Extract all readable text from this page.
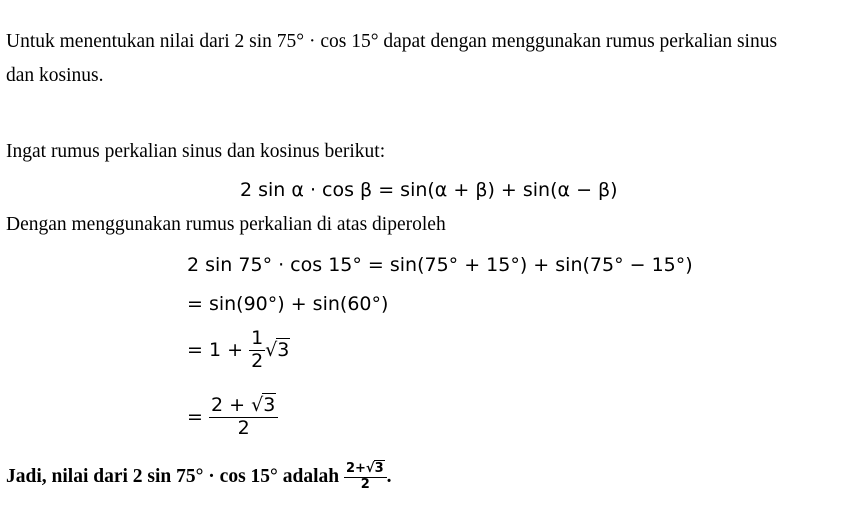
Untuk menentukan nilai dari 2 sin 75° · cos 15° dapat dengan menggunakan rumus perkalian sinus
dan kosinus.
Ingat rumus perkalian sinus dan kosinus berikut:
2 sin α · cos β = sin(α + β) + sin(α − β)
Dengan menggunakan rumus perkalian di atas diperoleh
2 sin 75° · cos 15° = sin(75° + 15°) + sin(75° − 15°)
= sin(90°) + sin(60°)
= $1 + \frac{1}{2} √3$
= $\frac{2 + √3}{2}$
Jadi, nilai dari 2 sin 75° · cos 15° adalah $\frac{2+√3}{2}$ .
